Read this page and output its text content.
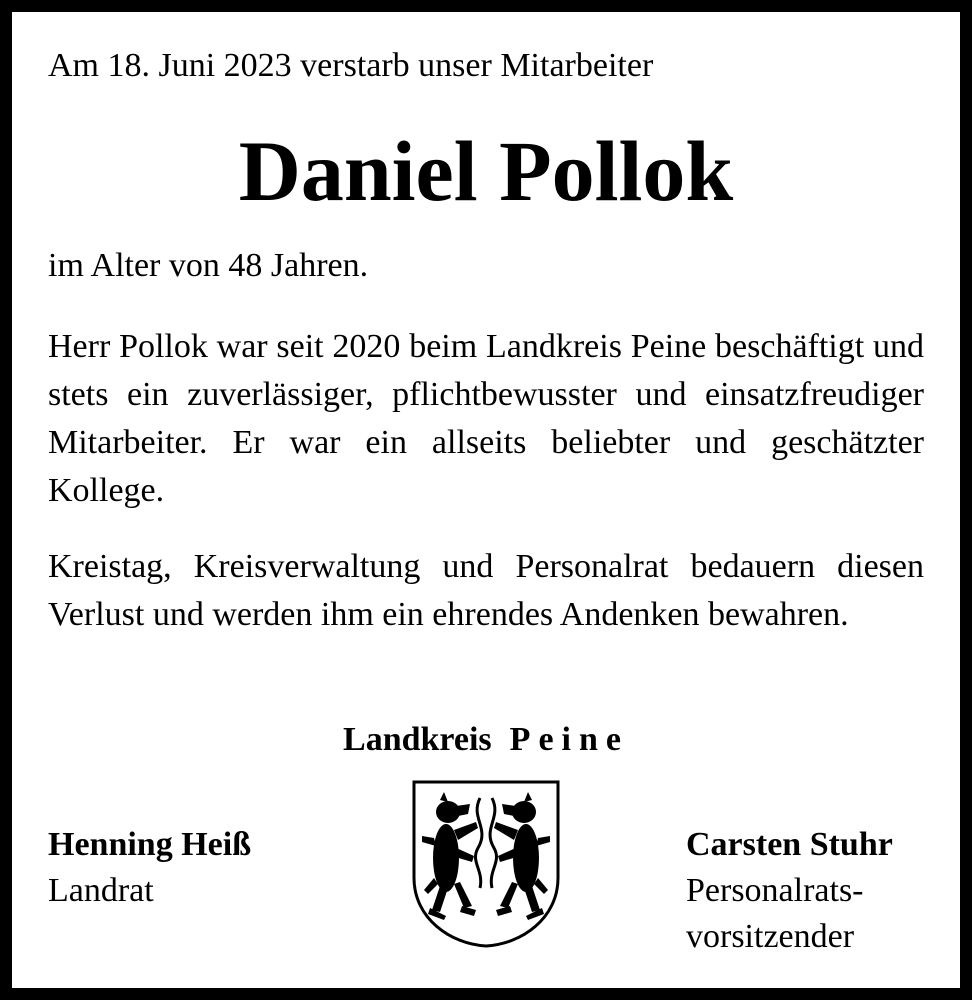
Am 18. Juni 2023 verstarb unser Mitarbeiter
Daniel Pollok
im Alter von 48 Jahren.
Herr Pollok war seit 2020 beim Landkreis Peine beschäftigt und stets ein zuverlässiger, pflichtbewusster und einsatzfreudiger Mitarbeiter. Er war ein allseits beliebter und geschätzter Kollege.
Kreistag, Kreisverwaltung und Personalrat bedauern diesen Verlust und werden ihm ein ehrendes Andenken bewahren.
Landkreis Peine
Henning Heiß
Landrat
Carsten Stuhr
Personalrats-
vorsitzender
